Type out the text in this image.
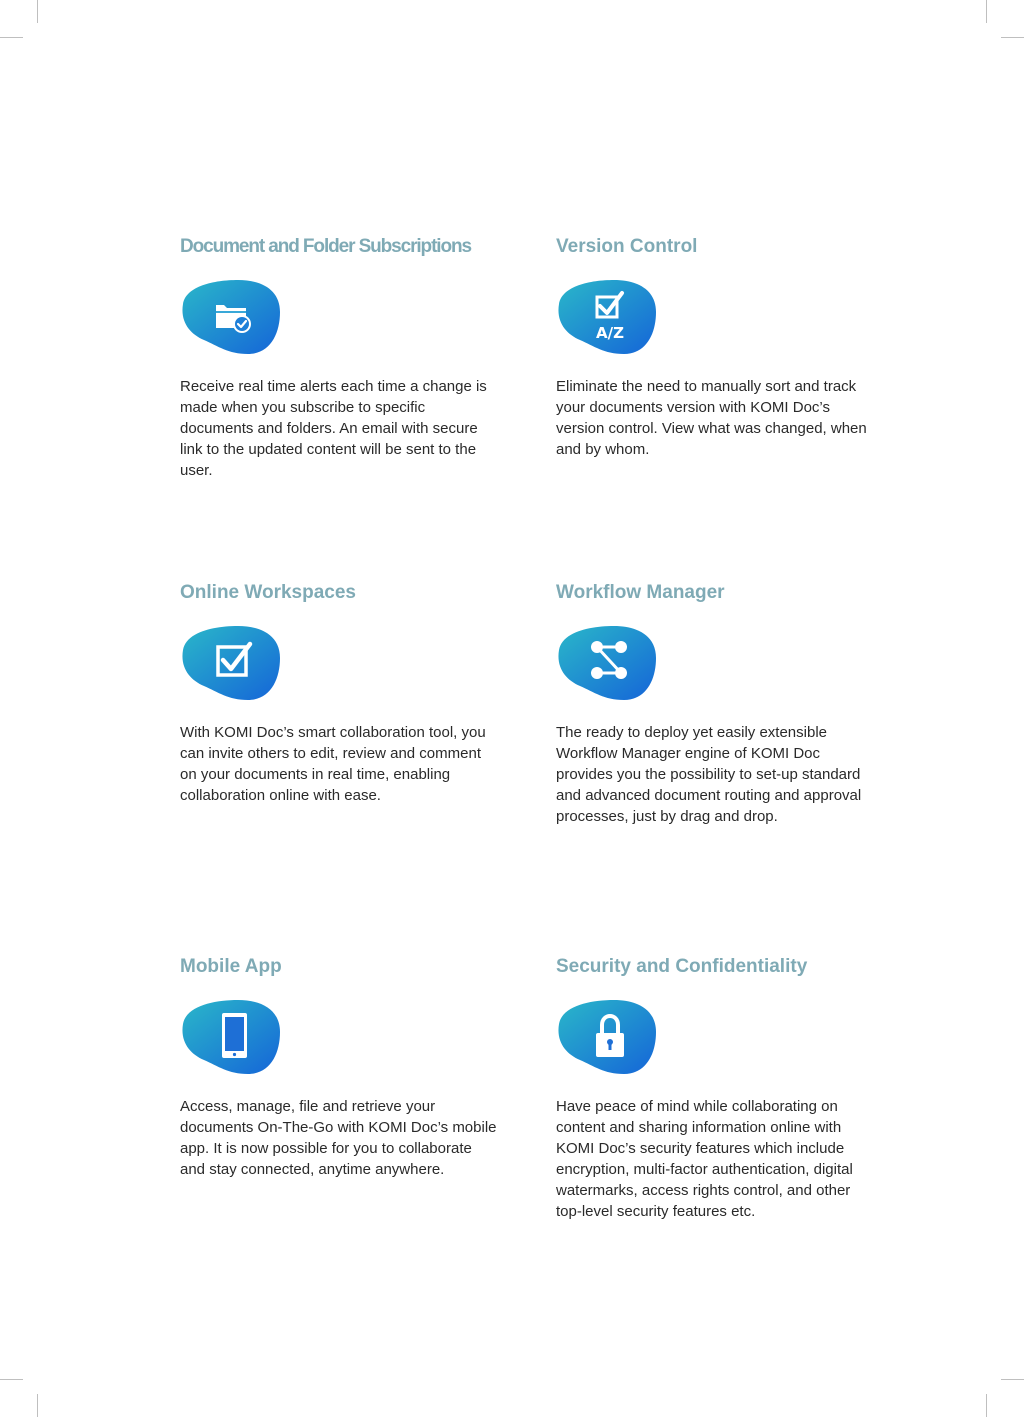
Document and Folder Subscriptions

Receive real time alerts each time a change is made when you subscribe to specific documents and folders. An email with secure link to the updated content will be sent to the user.

Version Control
A/Z

Eliminate the need to manually sort and track your documents version with KOMI Doc’s version control. View what was changed, when and by whom.

Online Workspaces

With KOMI Doc’s smart collaboration tool, you can invite others to edit, review and comment on your documents in real time, enabling collaboration online with ease.

Workflow Manager

The ready to deploy yet easily extensible Workflow Manager engine of KOMI Doc provides you the possibility to set-up standard and advanced document routing and approval processes, just by drag and drop.

Mobile App

Access, manage, file and retrieve your documents On-The-Go with KOMI Doc’s mobile app. It is now possible for you to collaborate and stay connected, anytime anywhere.

Security and Confidentiality

Have peace of mind while collaborating on content and sharing information online with KOMI Doc’s security features which include encryption, multi-factor authentication, digital watermarks, access rights control, and other top-level security features etc.
